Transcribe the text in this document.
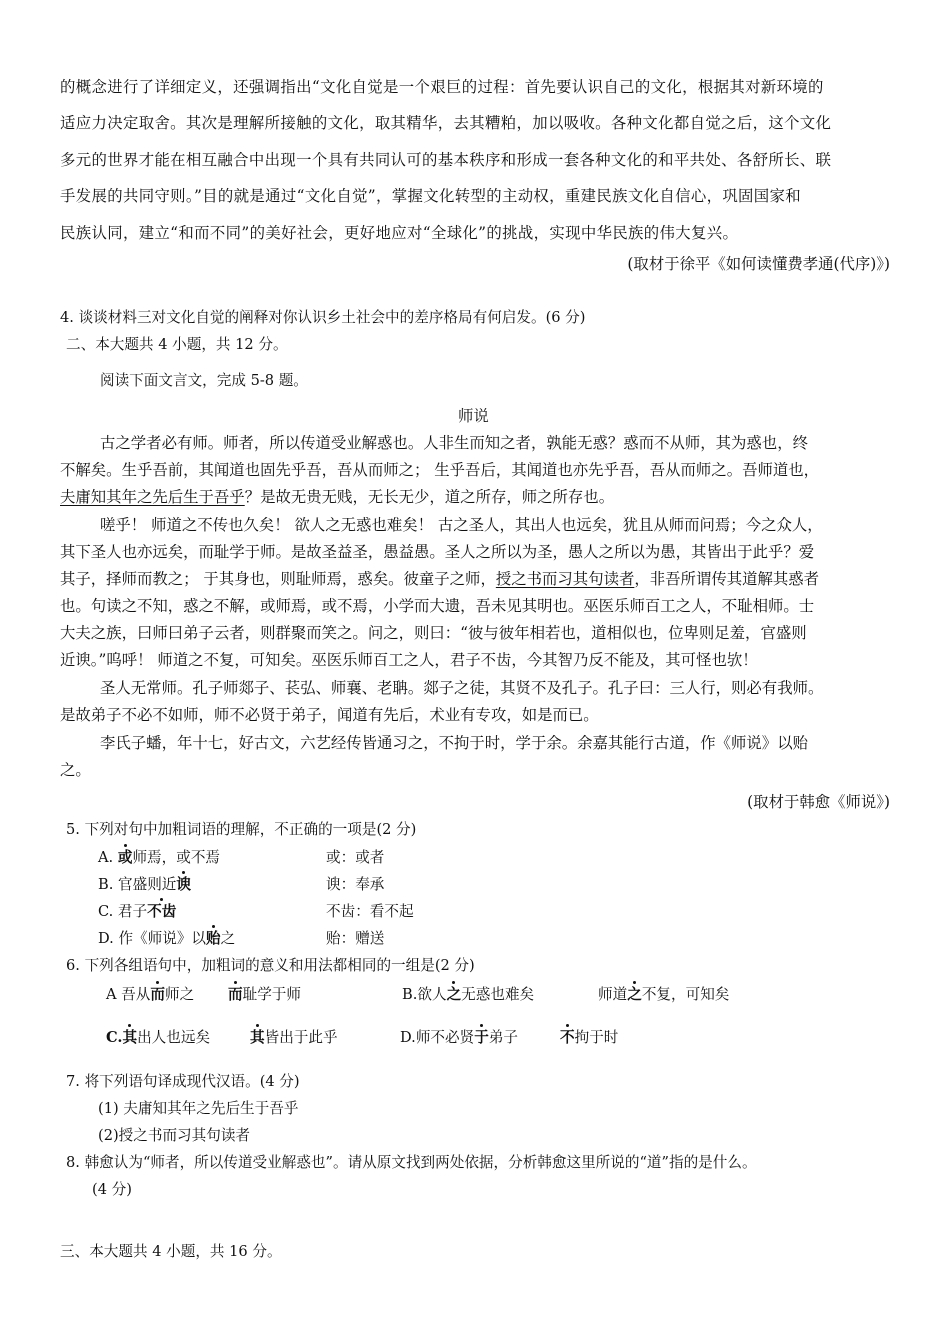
的概念进行了详细定义，还强调指出“文化自觉是一个艰巨的过程：首先要认识自己的文化，根据其对新环境的
适应力决定取舍。其次是理解所接触的文化，取其精华，去其糟粕，加以吸收。各种文化都自觉之后，这个文化
多元的世界才能在相互融合中出现一个具有共同认可的基本秩序和形成一套各种文化的和平共处、各舒所长、联
手发展的共同守则。”目的就是通过“文化自觉”，掌握文化转型的主动权，重建民族文化自信心，巩固国家和
民族认同，建立“和而不同”的美好社会，更好地应对“全球化”的挑战，实现中华民族的伟大复兴。
(取材于徐平《如何读懂费孝通(代序)》)
4. 谈谈材料三对文化自觉的阐释对你认识乡土社会中的差序格局有何启发。(6 分)
二、本大题共 4 小题，共 12 分。
阅读下面文言文，完成 5-8 题。
师说
古之学者必有师。师者，所以传道受业解惑也。人非生而知之者，孰能无惑？惑而不从师，其为惑也，终
不解矣。生乎吾前，其闻道也固先乎吾，吾从而师之； 生乎吾后，其闻道也亦先乎吾，吾从而师之。吾师道也，
夫庸知其年之先后生于吾乎？是故无贵无贱，无长无少，道之所存，师之所存也。
嗟乎！ 师道之不传也久矣！ 欲人之无惑也难矣！ 古之圣人，其出人也远矣，犹且从师而问焉；今之众人，
其下圣人也亦远矣，而耻学于师。是故圣益圣，愚益愚。圣人之所以为圣，愚人之所以为愚，其皆出于此乎？爱
其子，择师而教之； 于其身也，则耻师焉，惑矣。彼童子之师，授之书而习其句读者，非吾所谓传其道解其惑者
也。句读之不知，惑之不解，或师焉，或不焉，小学而大遗，吾未见其明也。巫医乐师百工之人，不耻相师。士
大夫之族，曰师曰弟子云者，则群聚而笑之。问之，则曰：“彼与彼年相若也，道相似也，位卑则足羞，官盛则
近谀。”呜呼！ 师道之不复，可知矣。巫医乐师百工之人，君子不齿，今其智乃反不能及，其可怪也欤！
圣人无常师。孔子师郯子、苌弘、师襄、老聃。郯子之徒，其贤不及孔子。孔子曰：三人行，则必有我师。
是故弟子不必不如师，师不必贤于弟子，闻道有先后，术业有专攻，如是而已。
李氏子蟠，年十七，好古文，六艺经传皆通习之，不拘于时，学于余。余嘉其能行古道，作《师说》以贻
之。
(取材于韩愈《师说》)
5. 下列对句中加粗词语的理解，不正确的一项是(2 分)
A. 或师焉，或不焉	或：或者
B. 官盛则近谀	谀：奉承
C. 君子不齿	不齿：看不起
D. 作《师说》以贻之	贻：赠送
6. 下列各组语句中，加粗词的意义和用法都相同的一组是(2 分)
A 吾从而师之 而耻学于师	B.欲人之无惑也难矣	师道之不复，可知矣
C.其出人也远矣	其皆出于此乎	D.师不必贤于弟子	不拘于时
7. 将下列语句译成现代汉语。(4 分)
(1) 夫庸知其年之先后生于吾乎
(2)授之书而习其句读者
8. 韩愈认为“师者，所以传道受业解惑也”。请从原文找到两处依据，分析韩愈这里所说的“道”指的是什么。
(4 分)
三、本大题共 4 小题，共 16 分。
